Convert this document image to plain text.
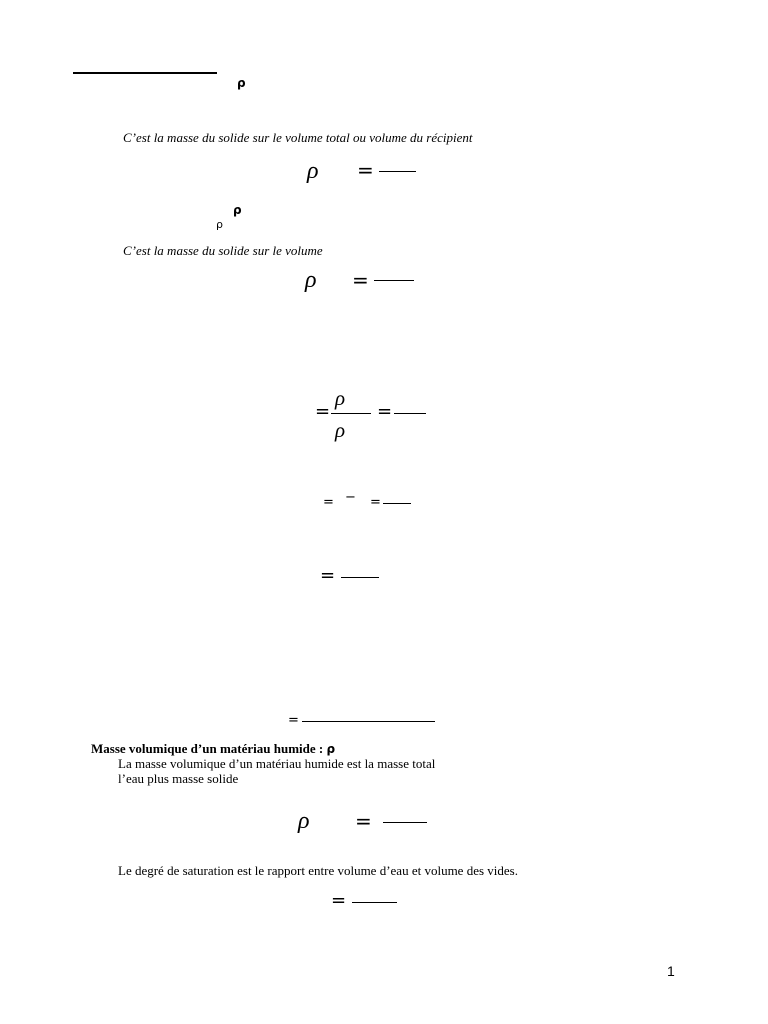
ρ
C’est la masse du solide sur le volume total ou volume du récipient
ρ =
ρ
ρ
C’est la masse du solide sur le volume
ρ =
=
ρ
ρ
=
= − =
=
=
Masse volumique d’un matériau humide : ρ
La masse volumique d’un matériau humide est la masse total
l’eau plus masse solide
ρ =
Le degré de saturation est le rapport entre volume d’eau et volume des vides.
=
1
